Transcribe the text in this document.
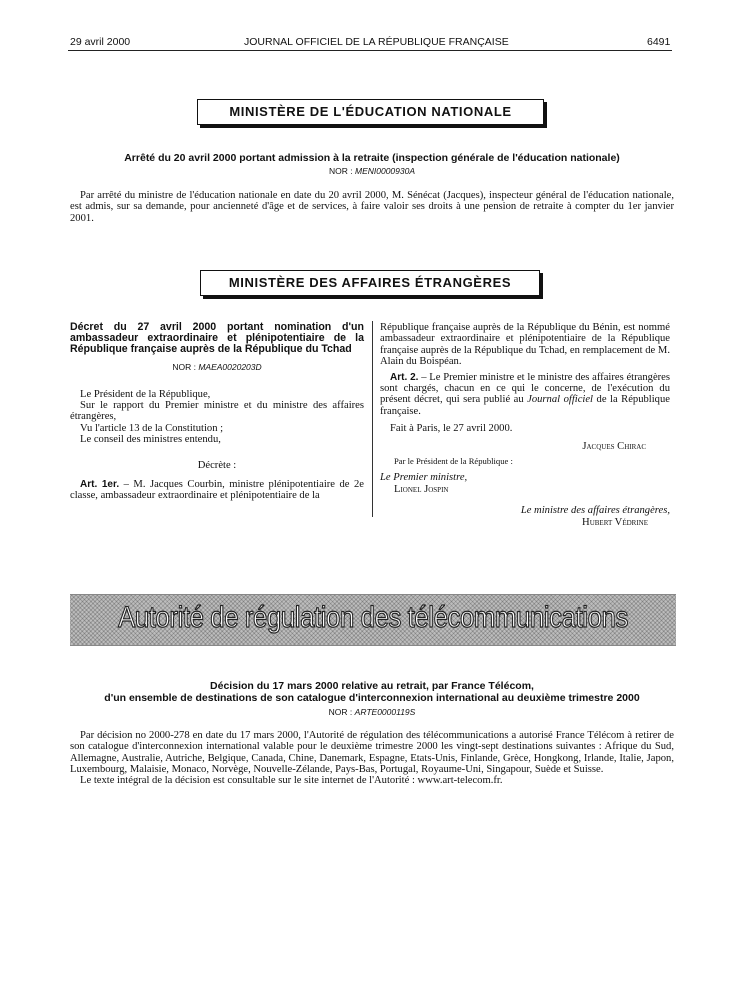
29 avril 2000	JOURNAL OFFICIEL DE LA RÉPUBLIQUE FRANÇAISE	6491
MINISTÈRE DE L'ÉDUCATION NATIONALE
Arrêté du 20 avril 2000 portant admission à la retraite (inspection générale de l'éducation nationale)
NOR : MENI0000930A

Par arrêté du ministre de l'éducation nationale en date du 20 avril 2000, M. Sénécat (Jacques), inspecteur général de l'éducation nationale, est admis, sur sa demande, pour ancienneté d'âge et de services, à faire valoir ses droits à une pension de retraite à compter du 1er janvier 2001.

MINISTÈRE DES AFFAIRES ÉTRANGÈRES
Décret du 27 avril 2000 portant nomination d'un ambassadeur extraordinaire et plénipotentiaire de la République française auprès de la République du Tchad
NOR : MAEA0020203D

Le Président de la République,

Sur le rapport du Premier ministre et du ministre des affaires étrangères,

Vu l'article 13 de la Constitution ;

Le conseil des ministres entendu,

Décrète :

Art. 1er. – M. Jacques Courbin, ministre plénipotentiaire de 2e classe, ambassadeur extraordinaire et plénipotentiaire de la

République française auprès de la République du Bénin, est nommé ambassadeur extraordinaire et plénipotentiaire de la République française auprès de la République du Tchad, en remplacement de M. Alain du Boispéan.

Art. 2. – Le Premier ministre et le ministre des affaires étrangères sont chargés, chacun en ce qui le concerne, de l'exécution du présent décret, qui sera publié au Journal officiel de la République française.

Fait à Paris, le 27 avril 2000.

Jacques Chirac

Par le Président de la République :

Le Premier ministre,

Lionel Jospin

Le ministre des affaires étrangères,

Hubert Védrine

Autorité de régulation des télécommunications
Décision du 17 mars 2000 relative au retrait, par France Télécom,
d'un ensemble de destinations de son catalogue d'interconnexion international au deuxième trimestre 2000
NOR : ARTE0000119S

Par décision no 2000-278 en date du 17 mars 2000, l'Autorité de régulation des télécommunications a autorisé France Télécom à retirer de son catalogue d'interconnexion international valable pour le deuxième trimestre 2000 les vingt-sept destinations suivantes : Afrique du Sud, Allemagne, Australie, Autriche, Belgique, Canada, Chine, Danemark, Espagne, Etats-Unis, Finlande, Grèce, Hongkong, Irlande, Italie, Japon, Luxembourg, Malaisie, Monaco, Norvège, Nouvelle-Zélande, Pays-Bas, Portugal, Royaume-Uni, Singapour, Suède et Suisse.

Le texte intégral de la décision est consultable sur le site internet de l'Autorité : www.art-telecom.fr.
